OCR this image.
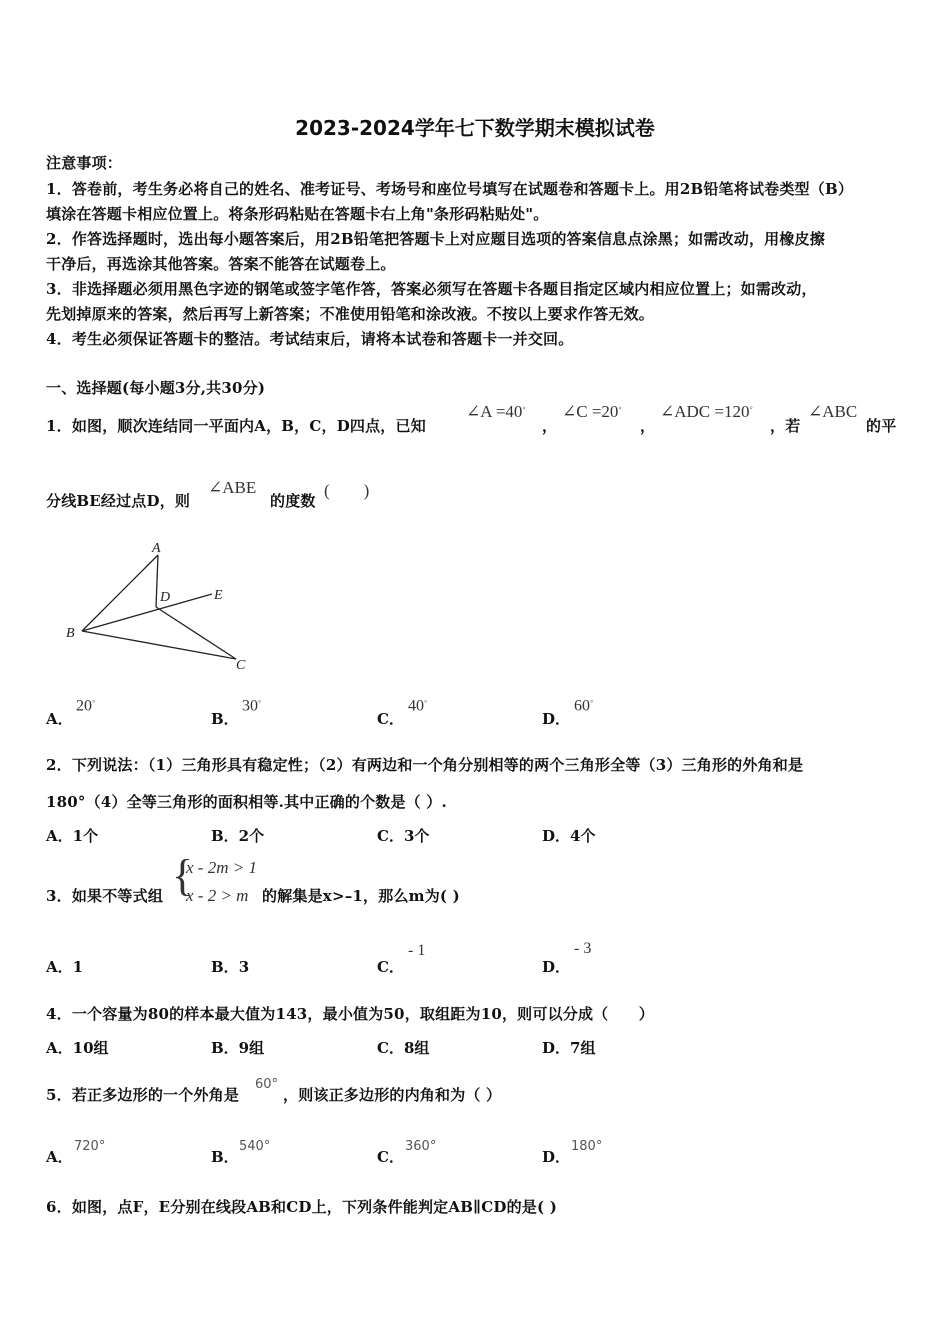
2023-2024学年七下数学期末模拟试卷
注意事项：
1．答卷前，考生务必将自己的姓名、准考证号、考场号和座位号填写在试题卷和答题卡上。用2B铅笔将试卷类型（B）
填涂在答题卡相应位置上。将条形码粘贴在答题卡右上角"条形码粘贴处"。
2．作答选择题时，选出每小题答案后，用2B铅笔把答题卡上对应题目选项的答案信息点涂黑；如需改动，用橡皮擦
干净后，再选涂其他答案。答案不能答在试题卷上。
3．非选择题必须用黑色字迹的钢笔或签字笔作答，答案必须写在答题卡各题目指定区域内相应位置上；如需改动，
先划掉原来的答案，然后再写上新答案；不准使用铅笔和涂改液。不按以上要求作答无效。
4．考生必须保证答题卡的整洁。考试结束后，请将本试卷和答题卡一并交回。
一、选择题(每小题3分,共30分)
1．如图，顺次连结同一平面内A，B，C，D四点，已知
∠A =40◦
，
∠C =20◦
，
∠ADC =120◦
，若
∠ABC
的平
分线BE经过点D，则
∠ABE
的度数
(　　)
A
B
C
D	E
A．
20◦
B．
30◦
C．
40◦
D．
60◦
2．下列说法：（1）三角形具有稳定性；（2）有两边和一个角分别相等的两个三角形全等（3）三角形的外角和是
180°（4）全等三角形的面积相等.其中正确的个数是（ ）.
A．1个	B．2个	C．3个	D．4个
3．如果不等式组 {
x - 2m > 1
x - 2 > m 的解集是x>–1，那么m为( )
A．1	B．3	C．
- 1
D．
- 3
4．一个容量为80的样本最大值为143，最小值为50，取组距为10，则可以分成（　　）
A．10组	B．9组	C．8组	D．7组
5．若正多边形的一个外角是
60°
，则该正多边形的内角和为（ ）
A．
720°
B．
540°
C．
360°
D．
180°
6．如图，点F，E分别在线段AB和CD上，下列条件能判定AB∥CD的是( )
